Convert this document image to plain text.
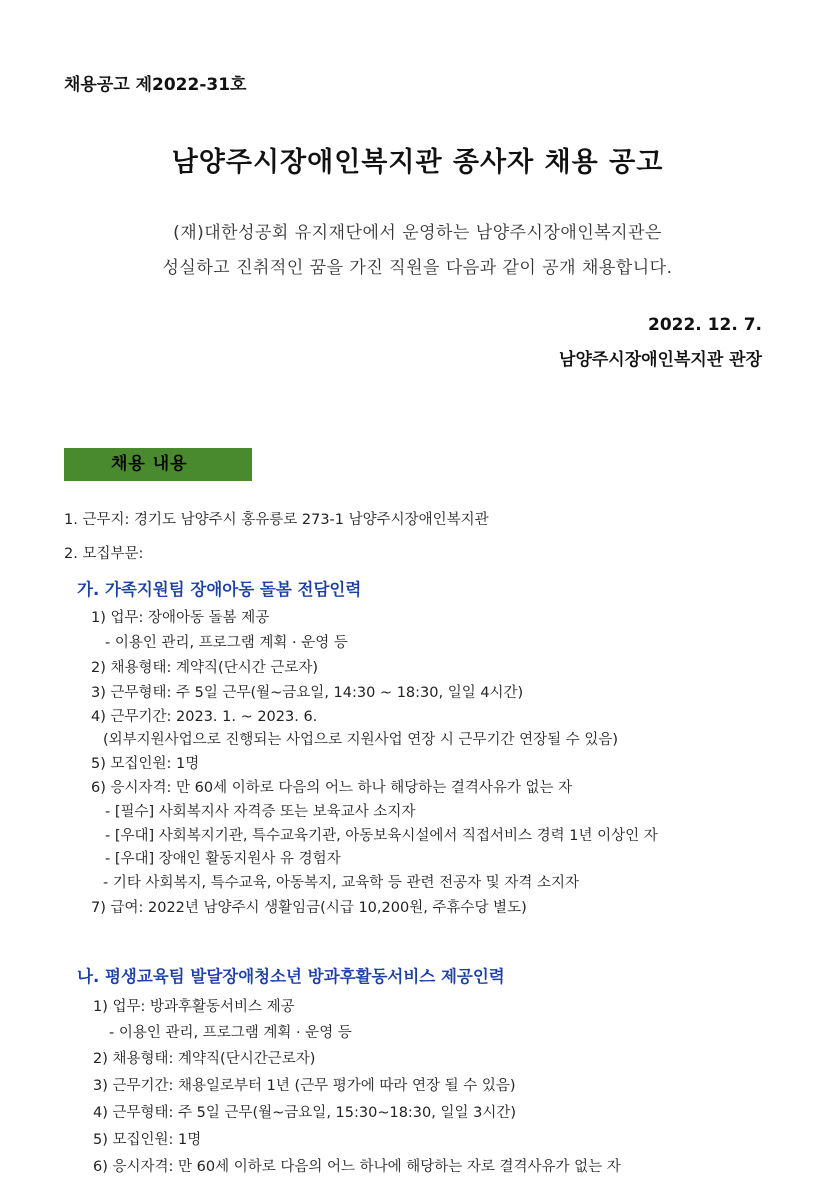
채용공고 제2022-31호
남양주시장애인복지관 종사자 채용 공고
(재)대한성공회 유지재단에서 운영하는 남양주시장애인복지관은
성실하고 진취적인 꿈을 가진 직원을 다음과 같이 공개 채용합니다.
2022. 12. 7.
남양주시장애인복지관 관장
채용 내용
1. 근무지: 경기도 남양주시 홍유릉로 273-1 남양주시장애인복지관
2. 모집부문:
가. 가족지원팀 장애아동 돌봄 전담인력
1) 업무: 장애아동 돌봄 제공
- 이용인 관리, 프로그램 계획 · 운영 등
2) 채용형태: 계약직(단시간 근로자)
3) 근무형태: 주 5일 근무(월~금요일, 14:30 ~ 18:30, 일일 4시간)
4) 근무기간: 2023. 1. ~ 2023. 6.
(외부지원사업으로 진행되는 사업으로 지원사업 연장 시 근무기간 연장될 수 있음)
5) 모집인원: 1명
6) 응시자격: 만 60세 이하로 다음의 어느 하나 해당하는 결격사유가 없는 자
- [필수] 사회복지사 자격증 또는 보육교사 소지자
- [우대] 사회복지기관, 특수교육기관, 아동보육시설에서 직접서비스 경력 1년 이상인 자
- [우대] 장애인 활동지원사 유 경험자
- 기타 사회복지, 특수교육, 아동복지, 교육학 등 관련 전공자 및 자격 소지자
7) 급여: 2022년 남양주시 생활임금(시급 10,200원, 주휴수당 별도)
나. 평생교육팀 발달장애청소년 방과후활동서비스 제공인력
1) 업무: 방과후활동서비스 제공
- 이용인 관리, 프로그램 계획 · 운영 등
2) 채용형태: 계약직(단시간근로자)
3) 근무기간: 채용일로부터 1년 (근무 평가에 따라 연장 될 수 있음)
4) 근무형태: 주 5일 근무(월~금요일, 15:30~18:30, 일일 3시간)
5) 모집인원: 1명
6) 응시자격: 만 60세 이하로 다음의 어느 하나에 해당하는 자로 결격사유가 없는 자
